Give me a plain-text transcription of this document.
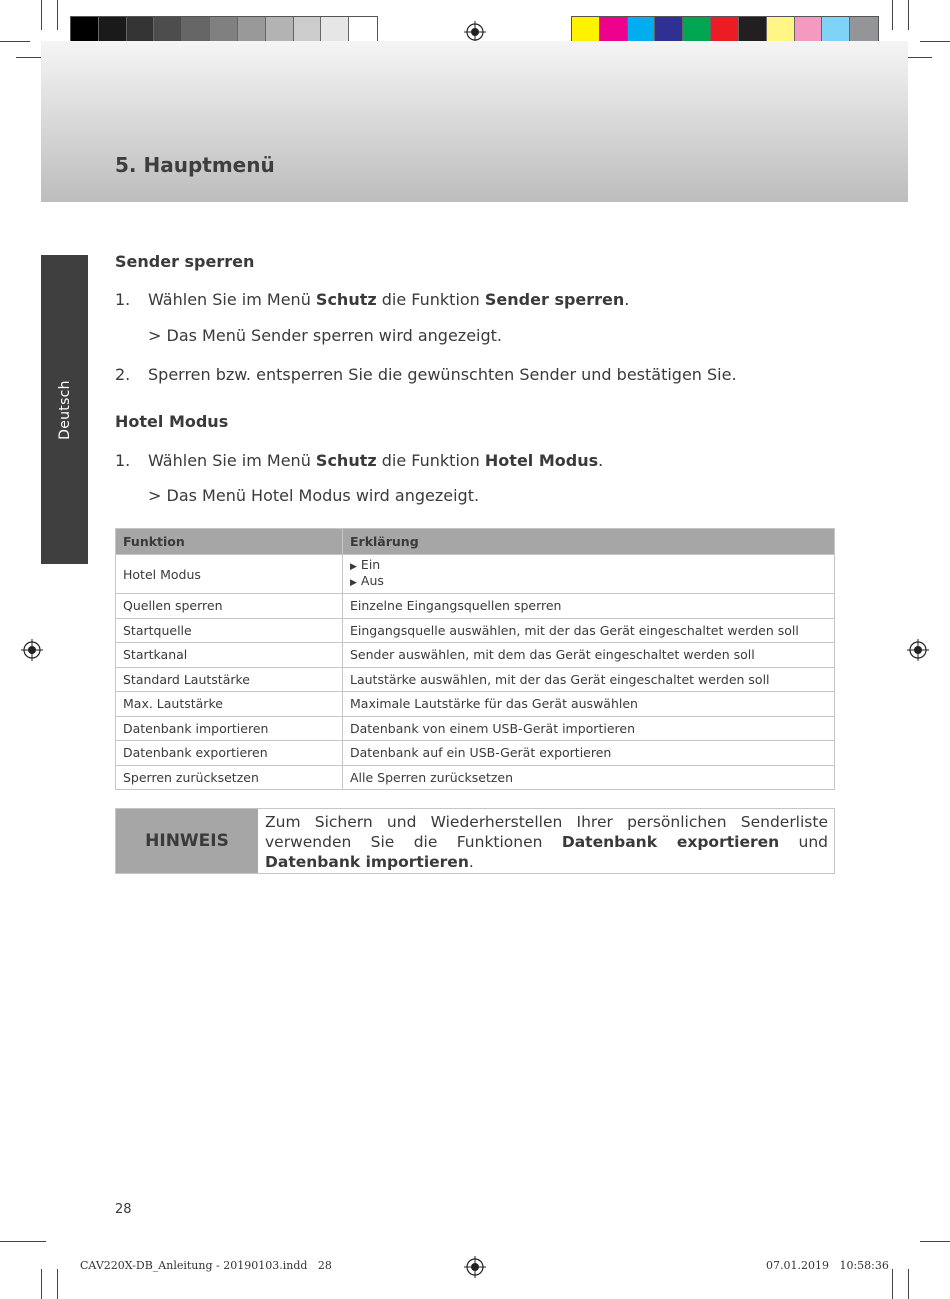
5. Hauptmenü
Deutsch
Sender sperren
1. Wählen Sie im Menü Schutz die Funktion Sender sperren.
> Das Menü Sender sperren wird angezeigt.
2. Sperren bzw. entsperren Sie die gewünschten Sender und bestätigen Sie.
Hotel Modus
1. Wählen Sie im Menü Schutz die Funktion Hotel Modus.
> Das Menü Hotel Modus wird angezeigt.
Funktion	Erklärung
Hotel Modus	▶ Ein
▶ Aus

Quellen sperren	Einzelne Eingangsquellen sperren
Startquelle	Eingangsquelle auswählen, mit der das Gerät eingeschaltet werden soll
Startkanal	Sender auswählen, mit dem das Gerät eingeschaltet werden soll
Standard Lautstärke	Lautstärke auswählen, mit der das Gerät eingeschaltet werden soll
Max. Lautstärke	Maximale Lautstärke für das Gerät auswählen
Datenbank importieren	Datenbank von einem USB-Gerät importieren
Datenbank exportieren	Datenbank auf ein USB-Gerät exportieren
Sperren zurücksetzen	Alle Sperren zurücksetzen
HINWEIS
Zum Sichern und Wiederherstellen Ihrer persönlichen Senderliste verwenden Sie die Funktionen Datenbank exportieren und Datenbank importieren.
28
CAV220X-DB_Anleitung - 20190103.indd   28	07.01.2019   10:58:36
